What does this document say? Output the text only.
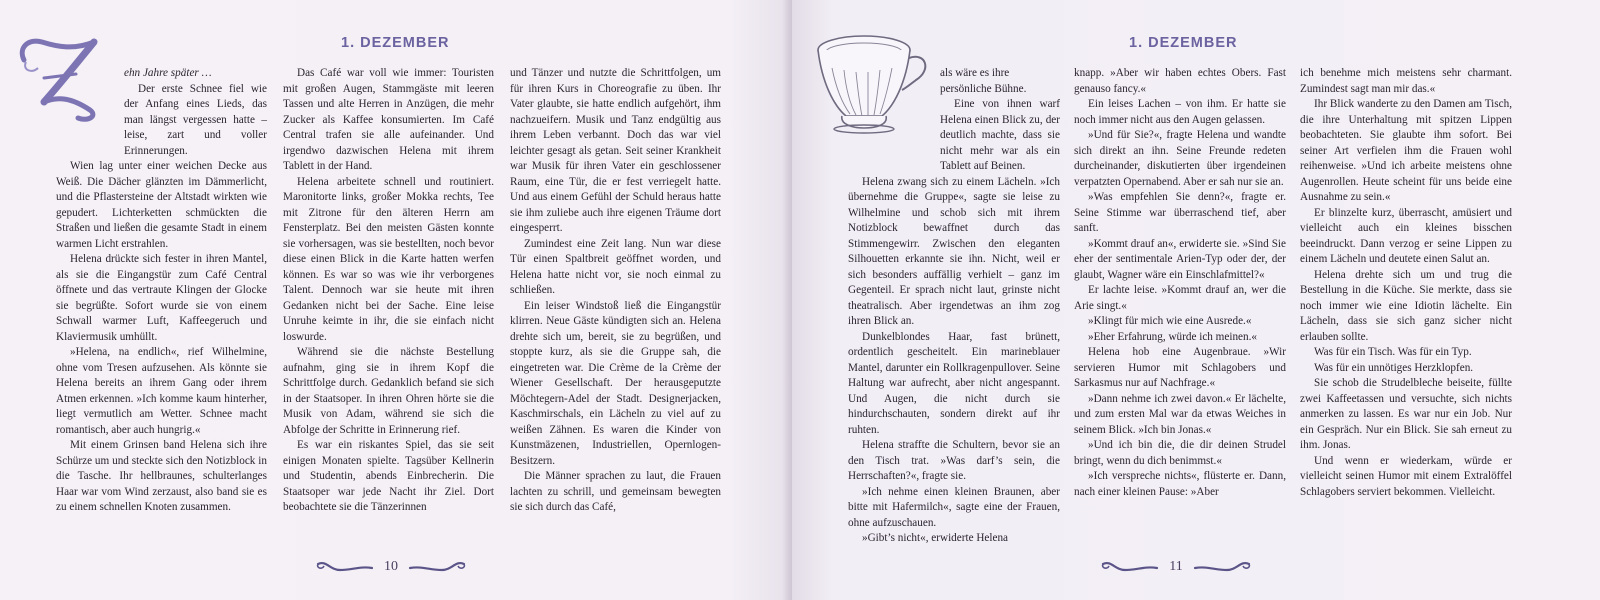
1. DEZEMBER

ehn Jahre später …

Der erste Schnee fiel wie der Anfang eines Lieds, das man längst vergessen hatte – leise, zart und voller Erinnerungen.

Wien lag unter einer weichen Decke aus Weiß. Die Dächer glänzten im Dämmerlicht, und die Pflastersteine der Altstadt wirkten wie gepudert. Lichterketten schmückten die Straßen und ließen die gesamte Stadt in einem warmen Licht erstrahlen.

Helena drückte sich fester in ihren Mantel, als sie die Eingangstür zum Café Central öffnete und das vertraute Klingen der Glocke sie begrüßte. Sofort wurde sie von einem Schwall warmer Luft, Kaffeegeruch und Klaviermusik umhüllt.

»Helena, na endlich«, rief Wilhelmine, ohne vom Tresen aufzusehen. Als könnte sie Helena bereits an ihrem Gang oder ihrem Atmen erkennen. »Ich komme kaum hinterher, liegt vermutlich am Wetter. Schnee macht romantisch, aber auch hungrig.«

Mit einem Grinsen band Helena sich ihre Schürze um und steckte sich den Notizblock in die Tasche. Ihr hellbraunes, schulterlanges Haar war vom Wind zerzaust, also band sie es zu einem schnellen Knoten zusammen.

Das Café war voll wie immer: Touristen mit großen Augen, Stammgäste mit leeren Tassen und alte Herren in Anzügen, die mehr Zucker als Kaffee konsumierten. Im Café Central trafen sie alle aufeinander. Und irgendwo dazwischen Helena mit ihrem Tablett in der Hand.

Helena arbeitete schnell und routiniert. Maronitorte links, großer Mokka rechts, Tee mit Zitrone für den älteren Herrn am Fensterplatz. Bei den meisten Gästen konnte sie vorhersagen, was sie bestellten, noch bevor diese einen Blick in die Karte hatten werfen können. Es war so was wie ihr verborgenes Talent. Dennoch war sie heute mit ihren Gedanken nicht bei der Sache. Eine leise Unruhe keimte in ihr, die sie einfach nicht loswurde.

Während sie die nächste Bestellung aufnahm, ging sie in ihrem Kopf die Schrittfolge durch. Gedanklich befand sie sich in der Staatsoper. In ihren Ohren hörte sie die Musik von Adam, während sie sich die Abfolge der Schritte in Erinnerung rief.

Es war ein riskantes Spiel, das sie seit einigen Monaten spielte. Tagsüber Kellnerin und Studentin, abends Einbrecherin. Die Staatsoper war jede Nacht ihr Ziel. Dort beobachtete sie die Tänzerinnen

und Tänzer und nutzte die Schrittfolgen, um für ihren Kurs in Choreografie zu üben. Ihr Vater glaubte, sie hatte endlich aufgehört, ihm nachzueifern. Musik und Tanz endgültig aus ihrem Leben verbannt. Doch das war viel leichter gesagt als getan. Seit seiner Krankheit war Musik für ihren Vater ein geschlossener Raum, eine Tür, die er fest verriegelt hatte. Und aus einem Gefühl der Schuld heraus hatte sie ihm zuliebe auch ihre eigenen Träume dort eingesperrt.

Zumindest eine Zeit lang. Nun war diese Tür einen Spaltbreit geöffnet worden, und Helena hatte nicht vor, sie noch einmal zu schließen.

Ein leiser Windstoß ließ die Eingangstür klirren. Neue Gäste kündigten sich an. Helena drehte sich um, bereit, sie zu begrüßen, und stoppte kurz, als sie die Gruppe sah, die eingetreten war. Die Crème de la Crème der Wiener Gesellschaft. Der herausgeputzte Möchtegern-Adel der Stadt. Designerjacken, Kaschmirschals, ein Lächeln zu viel auf zu weißen Zähnen. Es waren die Kinder von Kunstmäzenen, Industriellen, Opernlogen-Besitzern.

Die Männer sprachen zu laut, die Frauen lachten zu schrill, und gemeinsam bewegten sie sich durch das Café,

10
1. DEZEMBER
als wäre es ihre persönliche Bühne.

Eine von ihnen warf Helena einen Blick zu, der deutlich machte, dass sie nicht mehr war als ein Tablett auf Beinen.

Helena zwang sich zu einem Lächeln. »Ich übernehme die Gruppe«, sagte sie leise zu Wilhelmine und schob sich mit ihrem Notizblock bewaffnet durch das Stimmengewirr. Zwischen den eleganten Silhouetten erkannte sie ihn. Nicht, weil er sich besonders auffällig verhielt – ganz im Gegenteil. Er sprach nicht laut, grinste nicht theatralisch. Aber irgendetwas an ihm zog ihren Blick an.

Dunkelblondes Haar, fast brünett, ordentlich gescheitelt. Ein marineblauer Mantel, darunter ein Rollkragenpullover. Seine Haltung war aufrecht, aber nicht angespannt. Und Augen, die nicht durch sie hindurchschauten, sondern direkt auf ihr ruhten.

Helena straffte die Schultern, bevor sie an den Tisch trat. »Was darf’s sein, die Herrschaften?«, fragte sie.

»Ich nehme einen kleinen Braunen, aber bitte mit Hafermilch«, sagte eine der Frauen, ohne aufzuschauen.

»Gibt’s nicht«, erwiderte Helena

knapp. »Aber wir haben echtes Obers. Fast genauso fancy.«

Ein leises Lachen – von ihm. Er hatte sie noch immer nicht aus den Augen gelassen.

»Und für Sie?«, fragte Helena und wandte sich direkt an ihn. Seine Freunde redeten durcheinander, diskutierten über irgendeinen verpatzten Opernabend. Aber er sah nur sie an.

»Was empfehlen Sie denn?«, fragte er. Seine Stimme war überraschend tief, aber sanft.

»Kommt drauf an«, erwiderte sie. »Sind Sie eher der sentimentale Arien-Typ oder der, der glaubt, Wagner wäre ein Einschlafmittel?«

Er lachte leise. »Kommt drauf an, wer die Arie singt.«

»Klingt für mich wie eine Ausrede.«

»Eher Erfahrung, würde ich meinen.«

Helena hob eine Augenbraue. »Wir servieren Humor mit Schlagobers und Sarkasmus nur auf Nachfrage.«

»Dann nehme ich zwei davon.« Er lächelte, und zum ersten Mal war da etwas Weiches in seinem Blick. »Ich bin Jonas.«

»Und ich bin die, die dir deinen Strudel bringt, wenn du dich benimmst.«

»Ich verspreche nichts«, flüsterte er. Dann, nach einer kleinen Pause: »Aber

ich benehme mich meistens sehr charmant. Zumindest sagt man mir das.«

Ihr Blick wanderte zu den Damen am Tisch, die ihre Unterhaltung mit spitzen Lippen beobachteten. Sie glaubte ihm sofort. Bei seiner Art verfielen ihm die Frauen wohl reihenweise. »Und ich arbeite meistens ohne Augenrollen. Heute scheint für uns beide eine Ausnahme zu sein.«

Er blinzelte kurz, überrascht, amüsiert und vielleicht auch ein kleines bisschen beeindruckt. Dann verzog er seine Lippen zu einem Lächeln und deutete einen Salut an.

Helena drehte sich um und trug die Bestellung in die Küche. Sie merkte, dass sie noch immer wie eine Idiotin lächelte. Ein Lächeln, dass sie sich ganz sicher nicht erlauben sollte.

Was für ein Tisch. Was für ein Typ.

Was für ein unnötiges Herzklopfen.

Sie schob die Strudelbleche beiseite, füllte zwei Kaffeetassen und versuchte, sich nichts anmerken zu lassen. Es war nur ein Job. Nur ein Gespräch. Nur ein Blick. Sie sah erneut zu ihm. Jonas.

Und wenn er wiederkam, würde er vielleicht seinen Humor mit einem Extralöffel Schlagobers serviert bekommen. Vielleicht.

11
